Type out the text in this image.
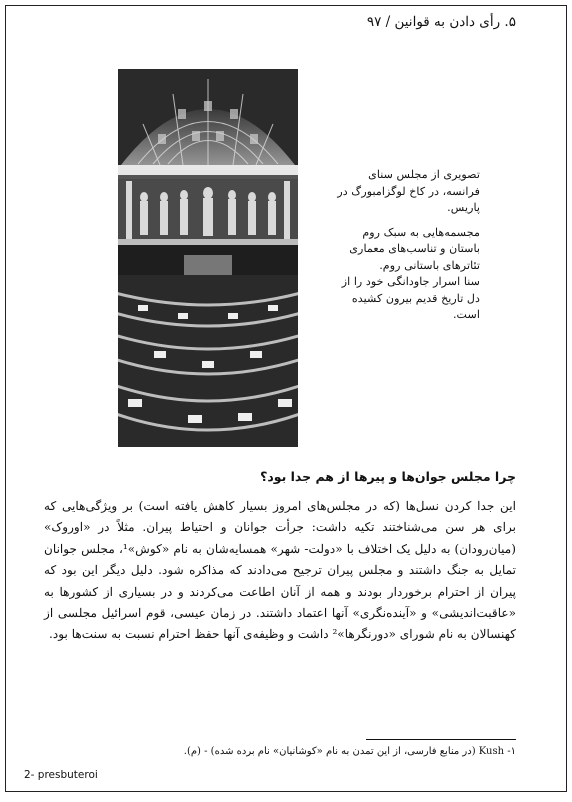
۵. رأی دادن به قوانین / ۹۷

تصویری از مجلس سنای فرانسه، در کاخ لوگزامبورگ در پاریس.

مجسمه‌هایی به سبک روم باستان و تناسب‌های معماری تئاترهای باستانی روم.

سنا اسرار جاودانگی خود را از دل تاریخ قدیم بیرون کشیده است.

چرا مجلس جوان‌ها و پیرها از هم جدا بود؟

این جدا کردن نسل‌ها (که در مجلس‌های امروز بسیار کاهش یافته است) بر ویژگی‌هایی که برای هر سن می‌شناختند تکیه داشت: جرأت جوانان و احتیاط پیران. مثلاً در «اوروک» (میان‌رودان) به دلیل یک اختلاف با «دولت- شهر» همسایه‌شان به نام «کوش»¹، مجلس جوانان تمایل به جنگ داشتند و مجلس پیران ترجیح می‌دادند که مذاکره شود. دلیل دیگر این بود که پیران از احترام برخوردار بودند و همه از آنان اطاعت می‌کردند و در بسیاری از کشورها به «عاقبت‌اندیشی» و «آینده‌نگری» آنها اعتماد داشتند. در زمان عیسی، قوم اسرائیل مجلسی از کهنسالان به نام شورای «دورنگرها»² داشت و وظیفه‌ی آنها حفظ احترام نسبت به سنت‌ها بود.

۱- Kush (در منابع فارسی، از این تمدن به نام «کوشانیان» نام برده شده) - (م).
2- presbuteroi
